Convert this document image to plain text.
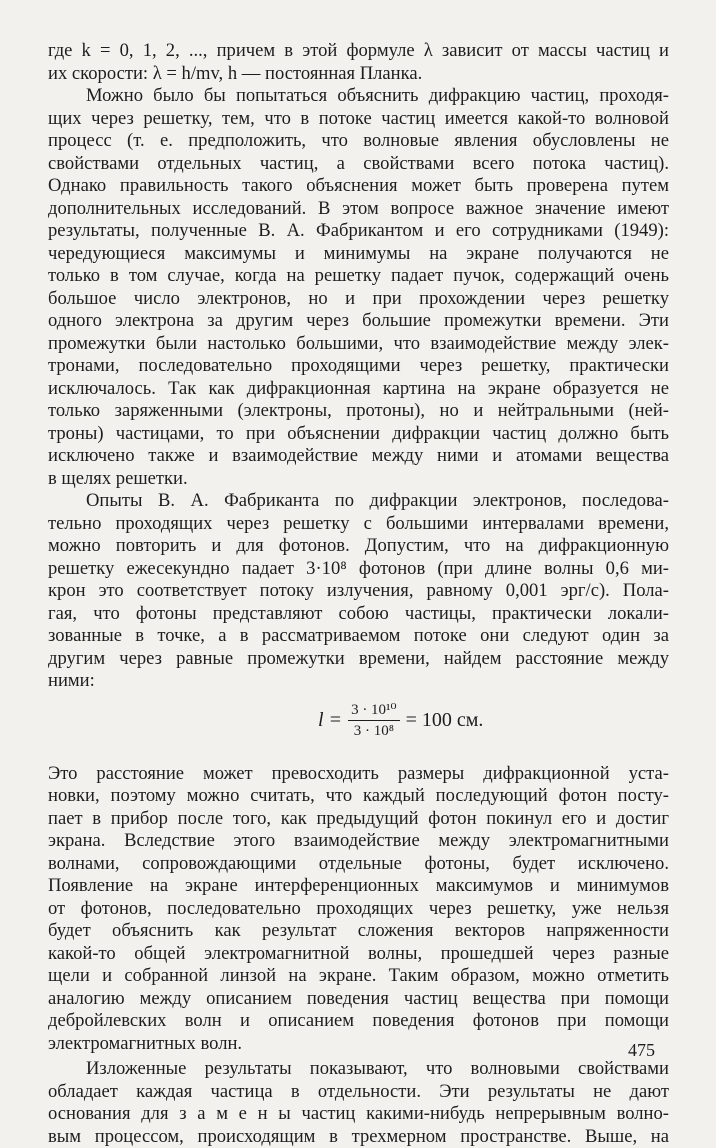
где k = 0, 1, 2, ..., причем в этой формуле λ зависит от массы частиц и
их скорости: λ = h/mv, h — постоянная Планка.
Можно было бы попытаться объяснить дифракцию частиц, проходя-
щих через решетку, тем, что в потоке частиц имеется какой-то волновой
процесс (т. е. предположить, что волновые явления обусловлены не
свойствами отдельных частиц, а свойствами всего потока частиц).
Однако правильность такого объяснения может быть проверена путем
дополнительных исследований. В этом вопросе важное значение имеют
результаты, полученные В. А. Фабрикантом и его сотрудниками (1949):
чередующиеся максимумы и минимумы на экране получаются не
только в том случае, когда на решетку падает пучок, содержащий очень
большое число электронов, но и при прохождении через решетку
одного электрона за другим через большие промежутки времени. Эти
промежутки были настолько большими, что взаимодействие между элек-
тронами, последовательно проходящими через решетку, практически
исключалось. Так как дифракционная картина на экране образуется не
только заряженными (электроны, протоны), но и нейтральными (ней-
троны) частицами, то при объяснении дифракции частиц должно быть
исключено также и взаимодействие между ними и атомами вещества
в щелях решетки.
Опыты В. А. Фабриканта по дифракции электронов, последова-
тельно проходящих через решетку с большими интервалами времени,
можно повторить и для фотонов. Допустим, что на дифракционную
решетку ежесекундно падает 3·10⁸ фотонов (при длине волны 0,6 ми-
крон это соответствует потоку излучения, равному 0,001 эрг/с). Пола-
гая, что фотоны представляют собою частицы, практически локали-
зованные в точке, а в рассматриваемом потоке они следуют один за
другим через равные промежутки времени, найдем расстояние между
ними:
$l = \frac{\text{3 · 10¹⁰}}{\text{3 · 10⁸}} = 100$ см.
Это расстояние может превосходить размеры дифракционной уста-
новки, поэтому можно считать, что каждый последующий фотон посту-
пает в прибор после того, как предыдущий фотон покинул его и достиг
экрана. Вследствие этого взаимодействие между электромагнитными
волнами, сопровождающими отдельные фотоны, будет исключено.
Появление на экране интерференционных максимумов и минимумов
от фотонов, последовательно проходящих через решетку, уже нельзя
будет объяснить как результат сложения векторов напряженности
какой-то общей электромагнитной волны, прошедшей через разные
щели и собранной линзой на экране. Таким образом, можно отметить
аналогию между описанием поведения частиц вещества при помощи
дебройлевских волн и описанием поведения фотонов при помощи
электромагнитных волн.
Изложенные результаты показывают, что волновыми свойствами
обладает каждая частица в отдельности. Эти результаты не дают
основания для з а м е н ы частиц какими-нибудь непрерывным волно-
вым процессом, происходящим в трехмерном пространстве. Выше, на
475
